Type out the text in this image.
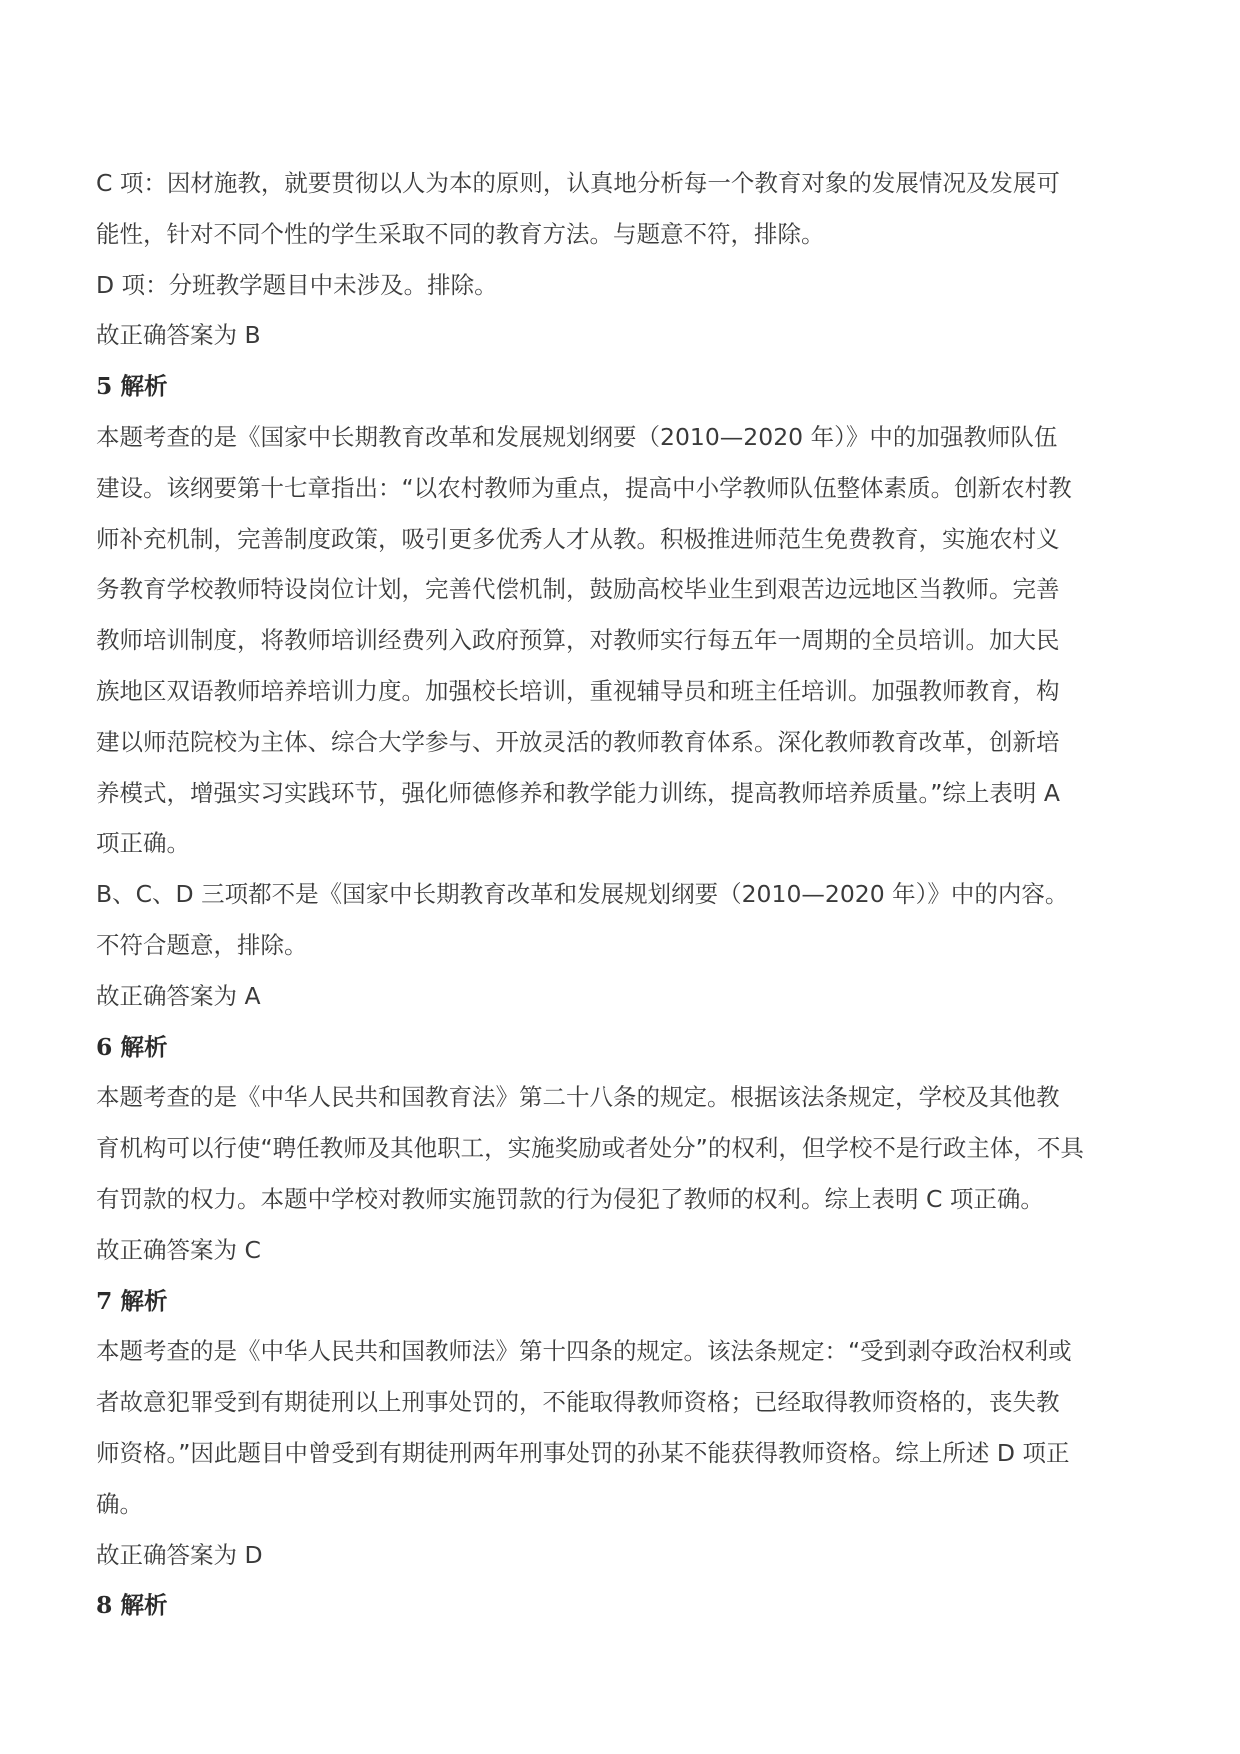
C 项：因材施教，就要贯彻以人为本的原则，认真地分析每一个教育对象的发展情况及发展可

能性，针对不同个性的学生采取不同的教育方法。与题意不符，排除。

D 项：分班教学题目中未涉及。排除。

故正确答案为 B

5 解析

本题考查的是《国家中长期教育改革和发展规划纲要（2010—2020 年）》中的加强教师队伍

建设。该纲要第十七章指出：“以农村教师为重点，提高中小学教师队伍整体素质。创新农村教

师补充机制，完善制度政策，吸引更多优秀人才从教。积极推进师范生免费教育，实施农村义

务教育学校教师特设岗位计划，完善代偿机制，鼓励高校毕业生到艰苦边远地区当教师。完善

教师培训制度，将教师培训经费列入政府预算，对教师实行每五年一周期的全员培训。加大民

族地区双语教师培养培训力度。加强校长培训，重视辅导员和班主任培训。加强教师教育，构

建以师范院校为主体、综合大学参与、开放灵活的教师教育体系。深化教师教育改革，创新培

养模式，增强实习实践环节，强化师德修养和教学能力训练，提高教师培养质量。”综上表明 A

项正确。

B、C、D 三项都不是《国家中长期教育改革和发展规划纲要（2010—2020 年）》中的内容。

不符合题意，排除。

故正确答案为 A

6 解析

本题考查的是《中华人民共和国教育法》第二十八条的规定。根据该法条规定，学校及其他教

育机构可以行使“聘任教师及其他职工，实施奖励或者处分”的权利，但学校不是行政主体，不具

有罚款的权力。本题中学校对教师实施罚款的行为侵犯了教师的权利。综上表明 C 项正确。

故正确答案为 C

7 解析

本题考查的是《中华人民共和国教师法》第十四条的规定。该法条规定：“受到剥夺政治权利或

者故意犯罪受到有期徒刑以上刑事处罚的，不能取得教师资格；已经取得教师资格的，丧失教

师资格。”因此题目中曾受到有期徒刑两年刑事处罚的孙某不能获得教师资格。综上所述 D 项正

确。

故正确答案为 D

8 解析
